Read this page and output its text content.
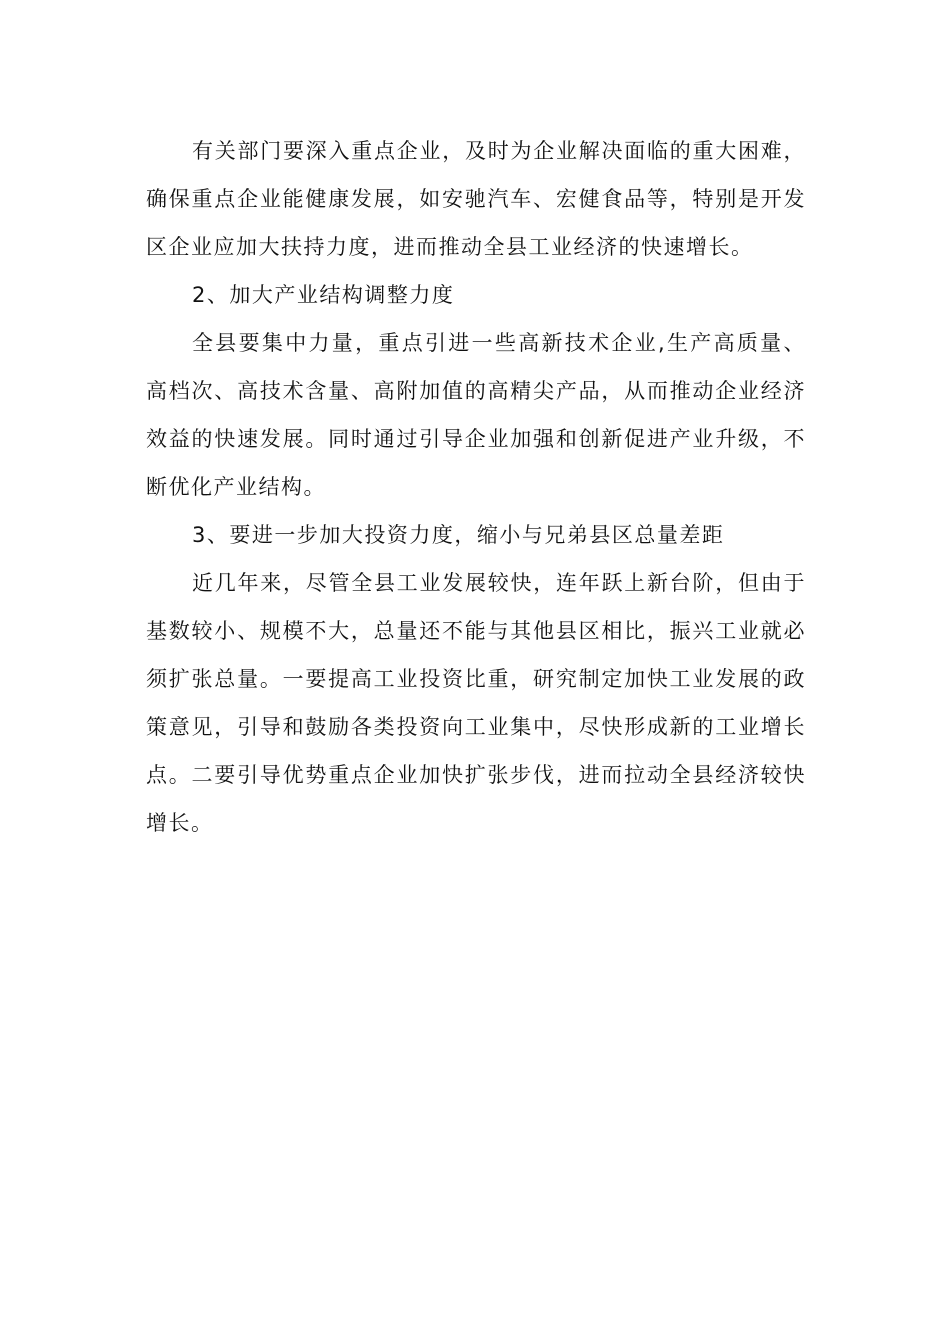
有关部门要深入重点企业，及时为企业解决面临的重大困难，确保重点企业能健康发展，如安驰汽车、宏健食品等，特别是开发区企业应加大扶持力度，进而推动全县工业经济的快速增长。

2、加大产业结构调整力度

全县要集中力量，重点引进一些高新技术企业,生产高质量、高档次、高技术含量、高附加值的高精尖产品，从而推动企业经济效益的快速发展。同时通过引导企业加强和创新促进产业升级，不断优化产业结构。

3、要进一步加大投资力度，缩小与兄弟县区总量差距

近几年来，尽管全县工业发展较快，连年跃上新台阶，但由于基数较小、规模不大，总量还不能与其他县区相比，振兴工业就必须扩张总量。一要提高工业投资比重，研究制定加快工业发展的政策意见，引导和鼓励各类投资向工业集中，尽快形成新的工业增长点。二要引导优势重点企业加快扩张步伐，进而拉动全县经济较快增长。
